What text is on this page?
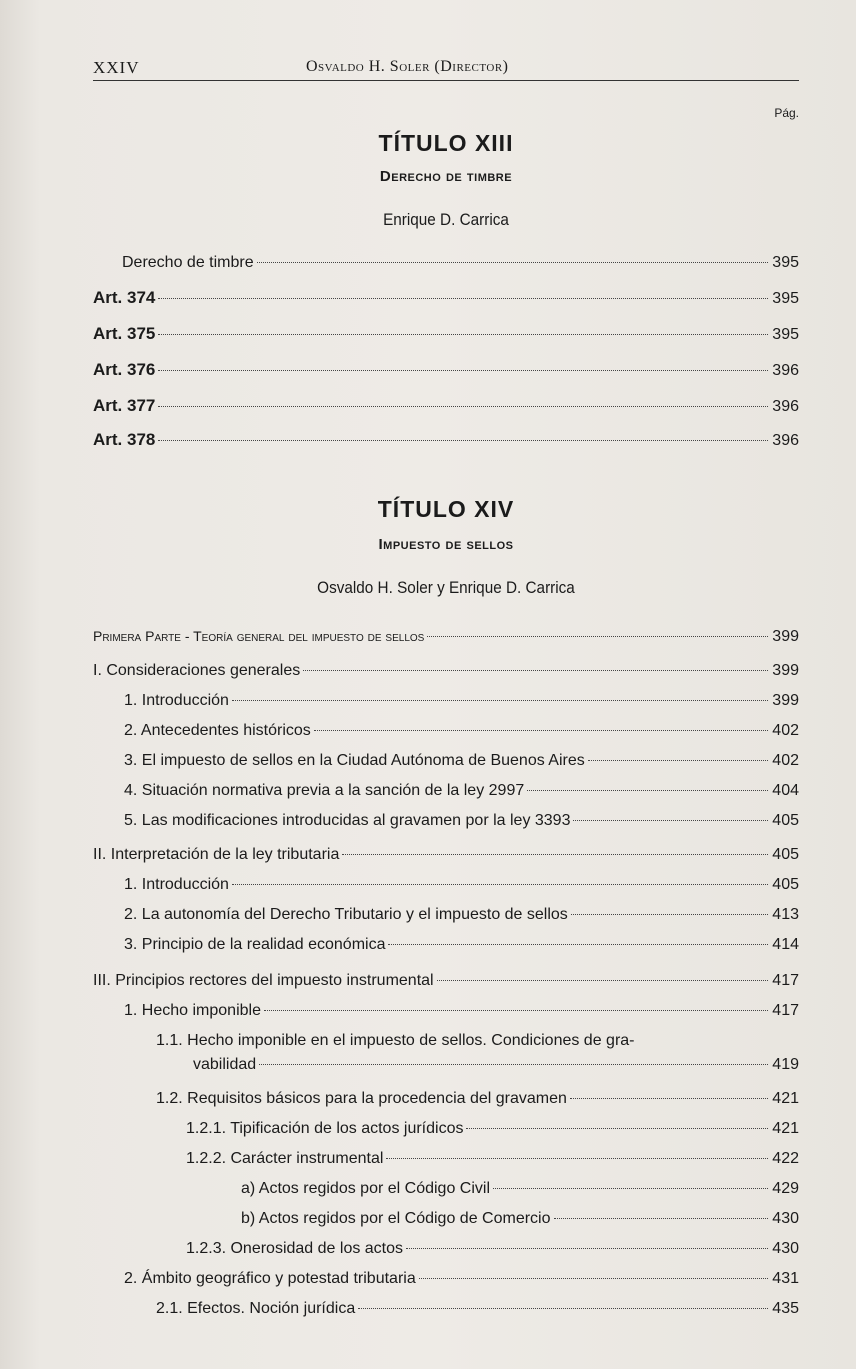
XXIV	Osvaldo H. Soler (Director)
Pág.
TÍTULO XIII
Derecho de timbre
Enrique D. Carrica
Derecho de timbre	395
Art. 374	395
Art. 375	395
Art. 376	396
Art. 377	396
Art. 378	396
TÍTULO XIV
Impuesto de sellos
Osvaldo H. Soler y Enrique D. Carrica
Primera Parte - Teoría general del impuesto de sellos	399
I. Consideraciones generales	399
1. Introducción	399
2. Antecedentes históricos	402
3. El impuesto de sellos en la Ciudad Autónoma de Buenos Aires	402
4. Situación normativa previa a la sanción de la ley 2997	404
5. Las modificaciones introducidas al gravamen por la ley 3393	405
II. Interpretación de la ley tributaria	405
1. Introducción	405
2. La autonomía del Derecho Tributario y el impuesto de sellos	413
3. Principio de la realidad económica	414
III. Principios rectores del impuesto instrumental	417
1. Hecho imponible	417
1.1. Hecho imponible en el impuesto de sellos. Condiciones de gra-
vabilidad	419
1.2. Requisitos básicos para la procedencia del gravamen	421
1.2.1. Tipificación de los actos jurídicos	421
1.2.2. Carácter instrumental	422
a) Actos regidos por el Código Civil	429
b) Actos regidos por el Código de Comercio	430
1.2.3. Onerosidad de los actos	430
2. Ámbito geográfico y potestad tributaria	431
2.1. Efectos. Noción jurídica	435
